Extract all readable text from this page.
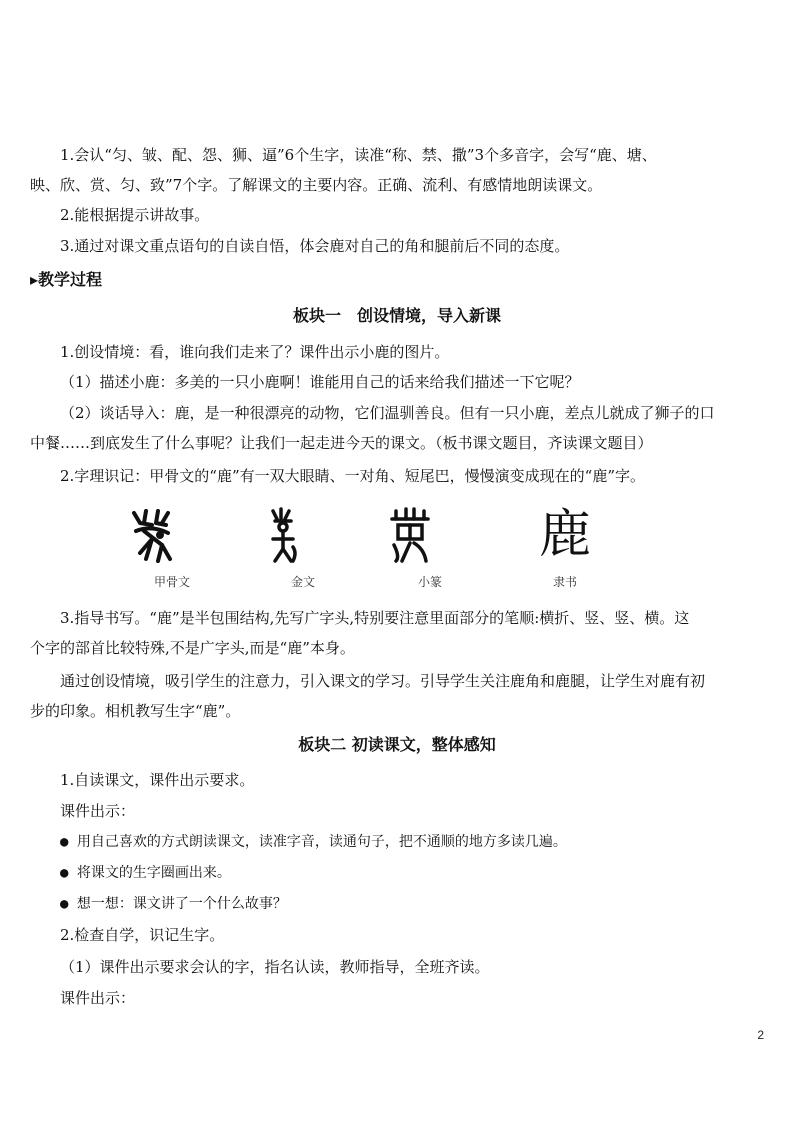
1.会认“匀、皱、配、怨、狮、逼”6个生字，读准“称、禁、撒”3个多音字，会写“鹿、塘、
映、欣、赏、匀、致”7个字。了解课文的主要内容。正确、流利、有感情地朗读课文。
2.能根据提示讲故事。
3.通过对课文重点语句的自读自悟，体会鹿对自己的角和腿前后不同的态度。
▸教学过程
板块一　创设情境，导入新课
1.创设情境：看，谁向我们走来了？课件出示小鹿的图片。
（1）描述小鹿：多美的一只小鹿啊！谁能用自己的话来给我们描述一下它呢？
（2）谈话导入：鹿，是一种很漂亮的动物，它们温驯善良。但有一只小鹿，差点儿就成了狮子的口
中餐……到底发生了什么事呢？让我们一起走进今天的课文。（板书课文题目，齐读课文题目）
2.字理识记：甲骨文的“鹿”有一双大眼睛、一对角、短尾巴，慢慢演变成现在的“鹿”字。
甲骨文	金文	小篆
鹿
隶书
3.指导书写。“鹿”是半包围结构,先写广字头,特别要注意里面部分的笔顺:横折、竖、竖、横。这
个字的部首比较特殊,不是广字头,而是“鹿”本身。
通过创设情境，吸引学生的注意力，引入课文的学习。引导学生关注鹿角和鹿腿，让学生对鹿有初
步的印象。相机教写生字“鹿”。
板块二 初读课文，整体感知
1.自读课文，课件出示要求。
课件出示：
● 用自己喜欢的方式朗读课文，读准字音，读通句子，把不通顺的地方多读几遍。
● 将课文的生字圈画出来。
● 想一想：课文讲了一个什么故事？
2.检查自学，识记生字。
（1）课件出示要求会认的字，指名认读，教师指导，全班齐读。
课件出示：
2
